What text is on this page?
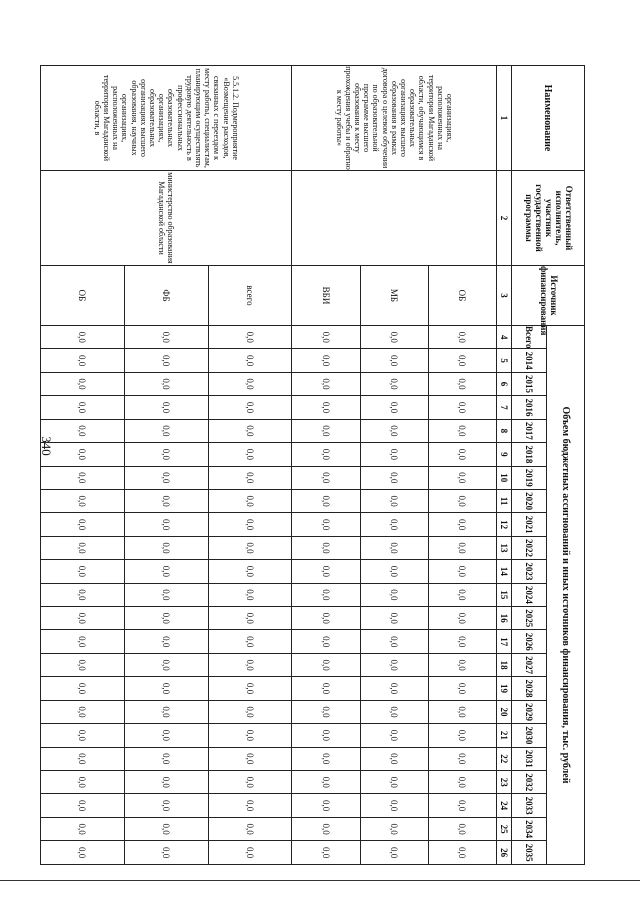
340
Наименование	Ответственный исполнитель, участник государственной программы	Источник финансирования	Объем бюджетных ассигнований и иных источников финансирования, тыс. рублей																						
			Всего	2014	2015	2016	2017	2018	2019	2020	2021	2022	2023	2024	2025	2026	2027	2028	2029	2030	2031	2032	2033	2034	2035
1	2	3	4	5	6	7	8	9	10	11	12	13	14	15	16	17	18	19	20	21	22	23	24	25	26
организациях, расположенных на территории Магаданской области, обучающимся в образовательных организациях высшего образования в рамках договора о целевом обучении по образовательной программе высшего образования к месту прохождения учебы и обратно к месту работы»		ОБ	0,0	0,0	0,0	0,0	0,0	0,0	0,0	0,0	0,0	0,0	0,0	0,0	0,0	0,0	0,0	0,0	0,0	0,0	0,0	0,0	0,0	0,0	0,0
		МБ	0,0	0,0	0,0	0,0	0,0	0,0	0,0	0,0	0,0	0,0	0,0	0,0	0,0	0,0	0,0	0,0	0,0	0,0	0,0	0,0	0,0	0,0	0,0
		ВБИ	0,0	0,0	0,0	0,0	0,0	0,0	0,0	0,0	0,0	0,0	0,0	0,0	0,0	0,0	0,0	0,0	0,0	0,0	0,0	0,0	0,0	0,0	0,0
5.5.1.2. Подмероприятие «Возмещение расходов, связанных с переездом к месту работы, специалистам, планирующим осуществлять трудовую деятельность в профессиональных образовательных организациях, образовательных организациях высшего образования, научных организациях, расположенных на территории Магаданской области, в	министерство образования Магаданской области	всего	0,0	0,0	0,0	0,0	0,0	0,0	0,0	0,0	0,0	0,0	0,0	0,0	0,0	0,0	0,0	0,0	0,0	0,0	0,0	0,0	0,0	0,0	0,0
		ФБ	0,0	0,0	0,0	0,0	0,0	0,0	0,0	0,0	0,0	0,0	0,0	0,0	0,0	0,0	0,0	0,0	0,0	0,0	0,0	0,0	0,0	0,0	0,0
		ОБ	0,0	0,0	0,0	0,0	0,0	0,0	0,0	0,0	0,0	0,0	0,0	0,0	0,0	0,0	0,0	0,0	0,0	0,0	0,0	0,0	0,0	0,0	0,0
